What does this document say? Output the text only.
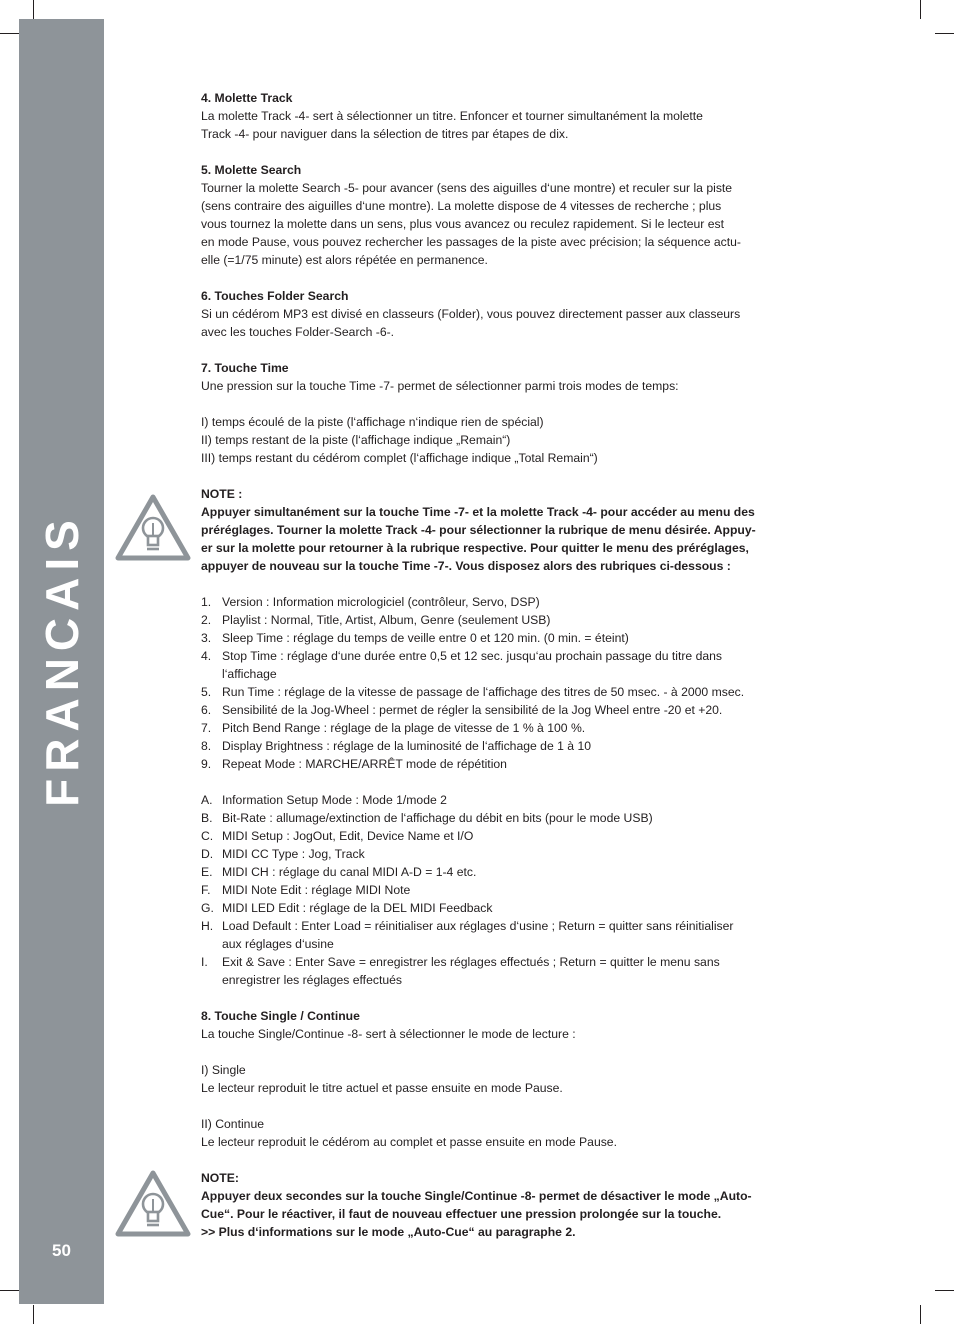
FRANCAIS
50

4. Molette Track

La molette Track -4- sert à sélectionner un titre. Enfoncer et tourner simultanément la molette

Track -4- pour naviguer dans la sélection de titres par étapes de dix.

5. Molette Search

Tourner la molette Search -5- pour avancer (sens des aiguilles d‘une montre) et reculer sur la piste

(sens contraire des aiguilles d‘une montre). La molette dispose de 4 vitesses de recherche ; plus

vous tournez la molette dans un sens, plus vous avancez ou reculez rapidement. Si le lecteur est

en mode Pause, vous pouvez rechercher les passages de la piste avec précision; la séquence actu-

elle (=1/75 minute) est alors répétée en permanence.

6. Touches Folder Search

Si un cédérom MP3 est divisé en classeurs (Folder), vous pouvez directement passer aux classeurs

avec les touches Folder-Search -6-.

7. Touche Time

Une pression sur la touche Time -7- permet de sélectionner parmi trois modes de temps:

I) temps écoulé de la piste (l‘affichage n‘indique rien de spécial)

II) temps restant de la piste (l‘affichage indique „Remain“)

III) temps restant du cédérom complet (l‘affichage indique „Total Remain“)

NOTE :

Appuyer simultanément sur la touche Time -7- et la molette Track -4- pour accéder au menu des

préréglages. Tourner la molette Track -4- pour sélectionner la rubrique de menu désirée. Appuy-

er sur la molette pour retourner à la rubrique respective. Pour quitter le menu des préréglages,

appuyer de nouveau sur la touche Time -7-. Vous disposez alors des rubriques ci-dessous :

1. Version : Information micrologiciel (contrôleur, Servo, DSP)
2. Playlist : Normal, Title, Artist, Album, Genre (seulement USB)
3. Sleep Time : réglage du temps de veille entre 0 et 120 min. (0 min. = éteint)
4. Stop Time : réglage d‘une durée entre 0,5 et 12 sec. jusqu‘au prochain passage du titre dans
l‘affichage
5. Run Time : réglage de la vitesse de passage de l‘affichage des titres de 50 msec. - à 2000 msec.
6. Sensibilité de la Jog-Wheel : permet de régler la sensibilité de la Jog Wheel entre -20 et +20.
7. Pitch Bend Range : réglage de la plage de vitesse de 1 % à 100 %.
8. Display Brightness : réglage de la luminosité de l‘affichage de 1 à 10
9. Repeat Mode : MARCHE/ARRÊT mode de répétition
A. Information Setup Mode : Mode 1/mode 2
B. Bit-Rate : allumage/extinction de l‘affichage du débit en bits (pour le mode USB)
C. MIDI Setup : JogOut, Edit, Device Name et I/O
D. MIDI CC Type : Jog, Track
E. MIDI CH : réglage du canal MIDI A-D = 1-4 etc.
F. MIDI Note Edit : réglage MIDI Note
G. MIDI LED Edit : réglage de la DEL MIDI Feedback
H. Load Default : Enter Load = réinitialiser aux réglages d‘usine ; Return = quitter sans réinitialiser
aux réglages d‘usine
I.	Exit & Save : Enter Save = enregistrer les réglages effectués ; Return = quitter le menu sans
enregistrer les réglages effectués

8. Touche Single / Continue

La touche Single/Continue -8- sert à sélectionner le mode de lecture :

I) Single

Le lecteur reproduit le titre actuel et passe ensuite en mode Pause.

II) Continue

Le lecteur reproduit le cédérom au complet et passe ensuite en mode Pause.

NOTE:

Appuyer deux secondes sur la touche Single/Continue -8- permet de désactiver le mode „Auto-

Cue“. Pour le réactiver, il faut de nouveau effectuer une pression prolongée sur la touche.

>> Plus d‘informations sur le mode „Auto-Cue“ au paragraphe 2.
